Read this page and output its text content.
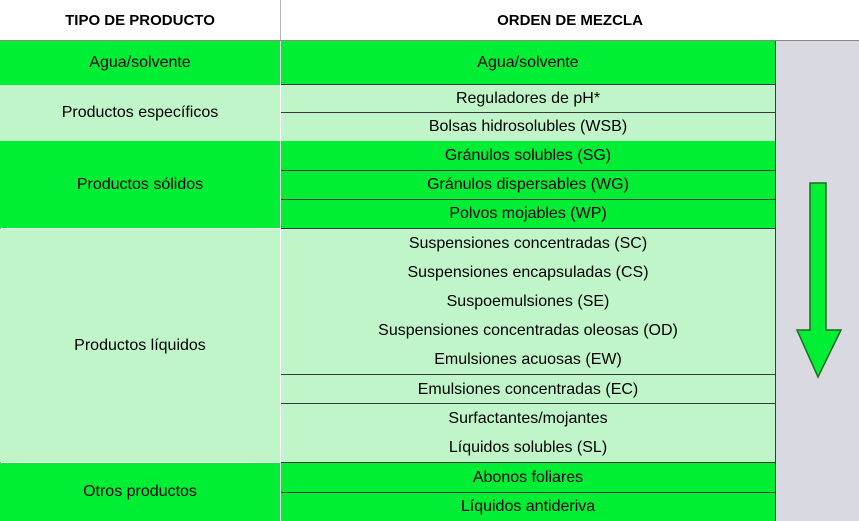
TIPO DE PRODUCTO	ORDEN DE MEZCLA
Agua/solvente	Agua/solvente
Productos específicos
Reguladores de pH*
Bolsas hidrosolubles (WSB)
Productos sólidos
Gránulos solubles (SG)
Gránulos dispersables (WG)
Polvos mojables (WP)
Productos líquidos
Suspensiones concentradas (SC)
Suspensiones encapsuladas (CS)
Suspoemulsiones (SE)
Suspensiones concentradas oleosas (OD)
Emulsiones acuosas (EW)
Emulsiones concentradas (EC)
Surfactantes/mojantes
Líquidos solubles (SL)
Otros productos
Abonos foliares
Líquidos antideriva
